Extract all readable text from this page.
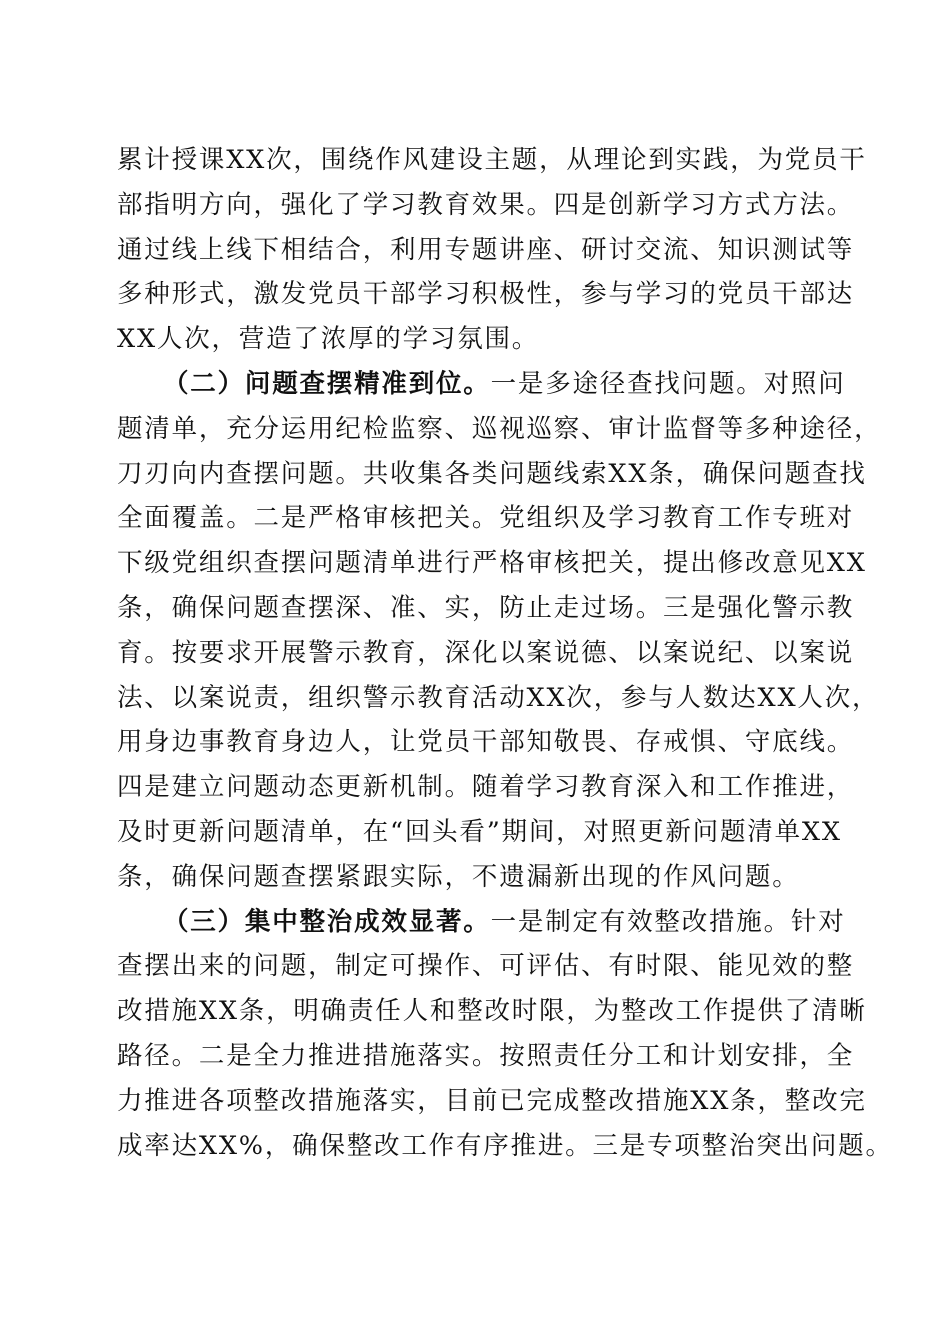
累计授课XX次，围绕作风建设主题，从理论到实践，为党员干
部指明方向，强化了学习教育效果。四是创新学习方式方法。
通过线上线下相结合，利用专题讲座、研讨交流、知识测试等
多种形式，激发党员干部学习积极性，参与学习的党员干部达
XX人次，营造了浓厚的学习氛围。
（二）问题查摆精准到位。一是多途径查找问题。对照问
题清单，充分运用纪检监察、巡视巡察、审计监督等多种途径，
刀刃向内查摆问题。共收集各类问题线索XX条，确保问题查找
全面覆盖。二是严格审核把关。党组织及学习教育工作专班对
下级党组织查摆问题清单进行严格审核把关，提出修改意见XX
条，确保问题查摆深、准、实，防止走过场。三是强化警示教
育。按要求开展警示教育，深化以案说德、以案说纪、以案说
法、以案说责，组织警示教育活动XX次，参与人数达XX人次，
用身边事教育身边人，让党员干部知敬畏、存戒惧、守底线。
四是建立问题动态更新机制。随着学习教育深入和工作推进，
及时更新问题清单，在“回头看”期间，对照更新问题清单XX
条，确保问题查摆紧跟实际，不遗漏新出现的作风问题。
（三）集中整治成效显著。一是制定有效整改措施。针对
查摆出来的问题，制定可操作、可评估、有时限、能见效的整
改措施XX条，明确责任人和整改时限，为整改工作提供了清晰
路径。二是全力推进措施落实。按照责任分工和计划安排，全
力推进各项整改措施落实，目前已完成整改措施XX条，整改完
成率达XX%，确保整改工作有序推进。三是专项整治突出问题。
